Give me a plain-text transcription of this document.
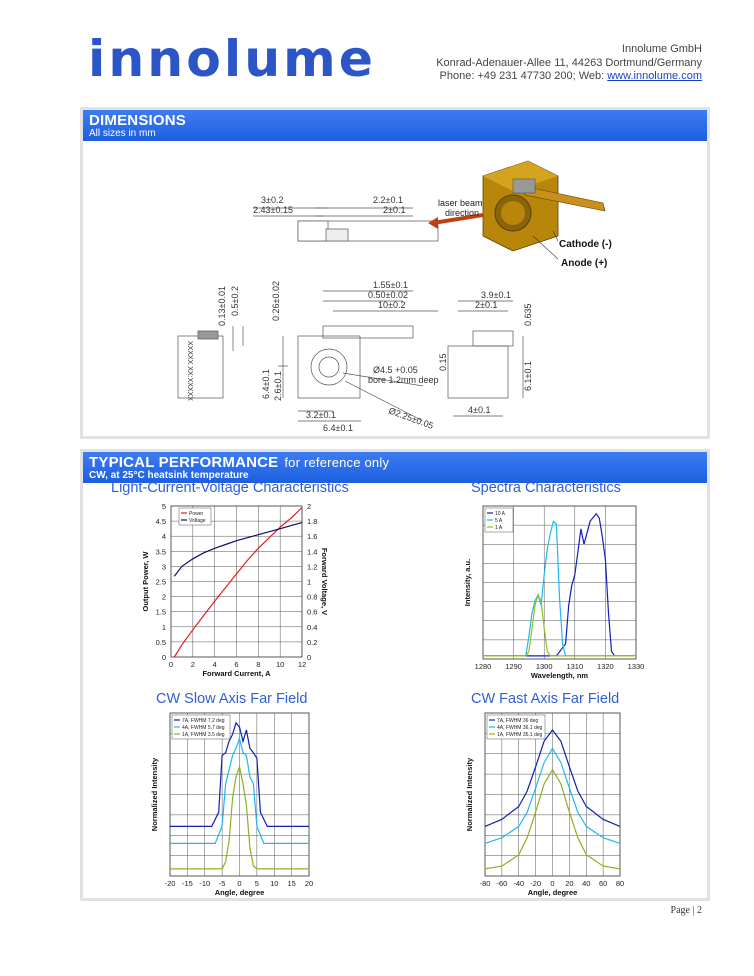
innolume	Innolume GmbH
Konrad-Adenauer-Allee 11, 44263 Dortmund/Germany
Phone: +49 231 47730 200; Web: www.innolume.com
DIMENSIONS
All sizes in mm
3±0.2
2.43±0.15
2.2±0.1
2±0.1
1.55±0.1
0.50±0.02
10±0.2
0.13±0.01 0.5±0.2	0.26±0.02
6.4±0.1 2.6±0.1
3.2±0.1
6.4±0.1
Ø4.5 +0.05
bore 1.2mm deep
Ø2.25±0.05
3.9±0.1
2±0.1	0.635
0.15	6.1±0.1
4±0.1
XXXXX XX:XXXXX
laser beam
direction
Cathode (-)
Anode (+)
TYPICAL PERFORMANCE for reference only
CW, at 25°C heatsink temperature
Light-Current-Voltage Characteristics	Spectra Characteristics
CW Slow Axis Far Field	CW Fast Axis Far Field
0 2 4 6 8 10 12
0
0.5
1
1.5
2
2.5
3
3.5
4
4.5
5
0
0.2
0.4
0.6
0.8
1
1.2
1.4
1.6
1.8
2
Forward Current, A
Output Power, W	Forward Voltage, V
Power
Voltage
1280 1290 1300 1310 1320 1330
Wavelength, nm
Intensity, a.u.
10 A
5 A
1 A
-20 -15 -10 -5 0 5 10 15 20
Angle, degree
Normalized Intensity
7A, FWHM 7.2 deg
4A, FWHM 5.7 deg
1A, FWHM 3.5 deg
-80 -60 -40 -20 0 20 40 60 80
Angle, degree
Normalized Intensity
7A, FWHM 36 deg
4A, FWHM 36.1 deg
1A, FWHM 35.1 deg
Page | 2
